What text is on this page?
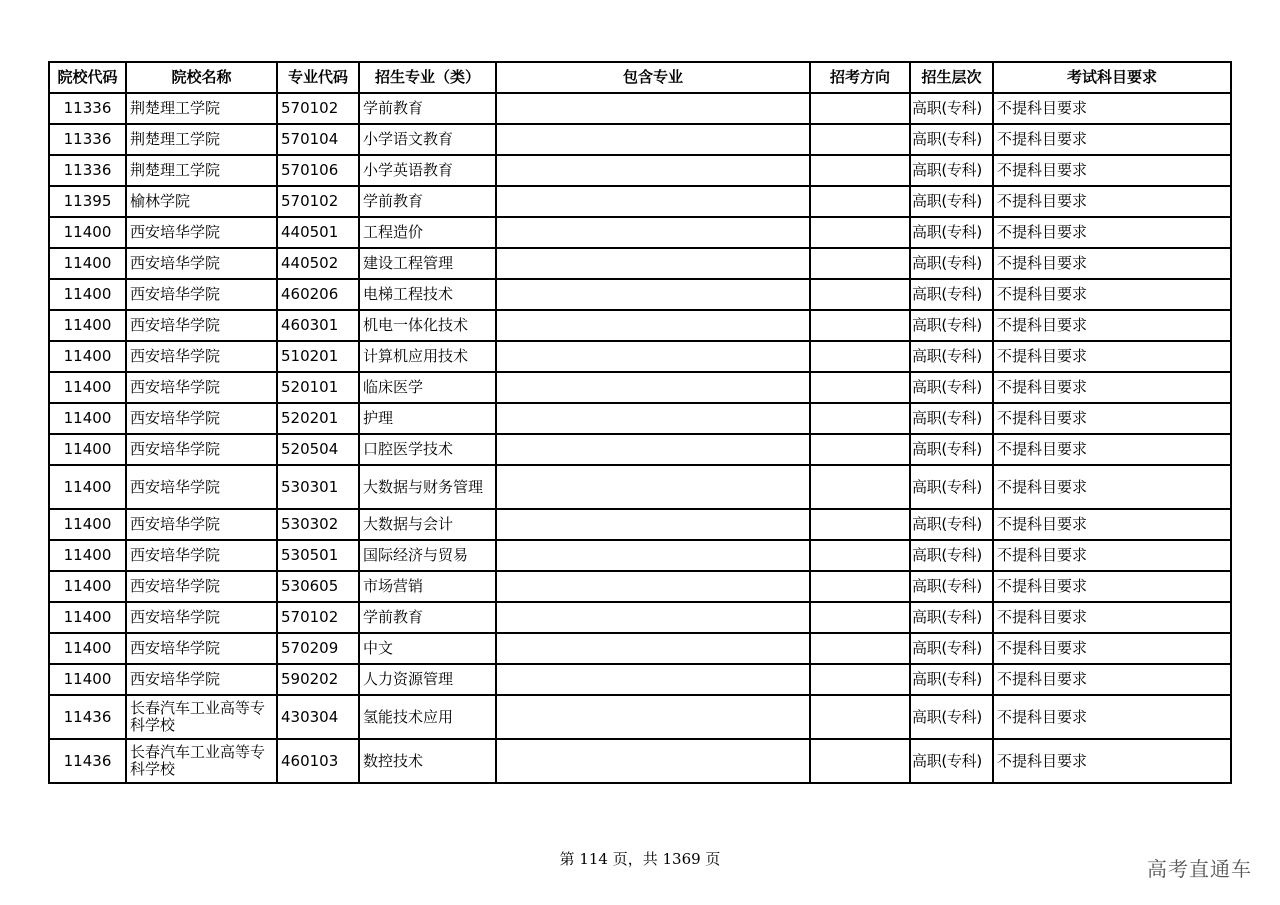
院校代码	院校名称	专业代码	招生专业（类）	包含专业	招考方向	招生层次	考试科目要求
11336	荆楚理工学院	570102	学前教育			高职(专科)	不提科目要求
11336	荆楚理工学院	570104	小学语文教育			高职(专科)	不提科目要求
11336	荆楚理工学院	570106	小学英语教育			高职(专科)	不提科目要求
11395	榆林学院	570102	学前教育			高职(专科)	不提科目要求
11400	西安培华学院	440501	工程造价			高职(专科)	不提科目要求
11400	西安培华学院	440502	建设工程管理			高职(专科)	不提科目要求
11400	西安培华学院	460206	电梯工程技术			高职(专科)	不提科目要求
11400	西安培华学院	460301	机电一体化技术			高职(专科)	不提科目要求
11400	西安培华学院	510201	计算机应用技术			高职(专科)	不提科目要求
11400	西安培华学院	520101	临床医学			高职(专科)	不提科目要求
11400	西安培华学院	520201	护理			高职(专科)	不提科目要求
11400	西安培华学院	520504	口腔医学技术			高职(专科)	不提科目要求
11400	西安培华学院	530301	大数据与财务管理			高职(专科)	不提科目要求
11400	西安培华学院	530302	大数据与会计			高职(专科)	不提科目要求
11400	西安培华学院	530501	国际经济与贸易			高职(专科)	不提科目要求
11400	西安培华学院	530605	市场营销			高职(专科)	不提科目要求
11400	西安培华学院	570102	学前教育			高职(专科)	不提科目要求
11400	西安培华学院	570209	中文			高职(专科)	不提科目要求
11400	西安培华学院	590202	人力资源管理			高职(专科)	不提科目要求
11436	长春汽车工业高等专科学校	430304	氢能技术应用			高职(专科)	不提科目要求
11436	长春汽车工业高等专科学校	460103	数控技术			高职(专科)	不提科目要求
第 114 页，共 1369 页	高考直通车
